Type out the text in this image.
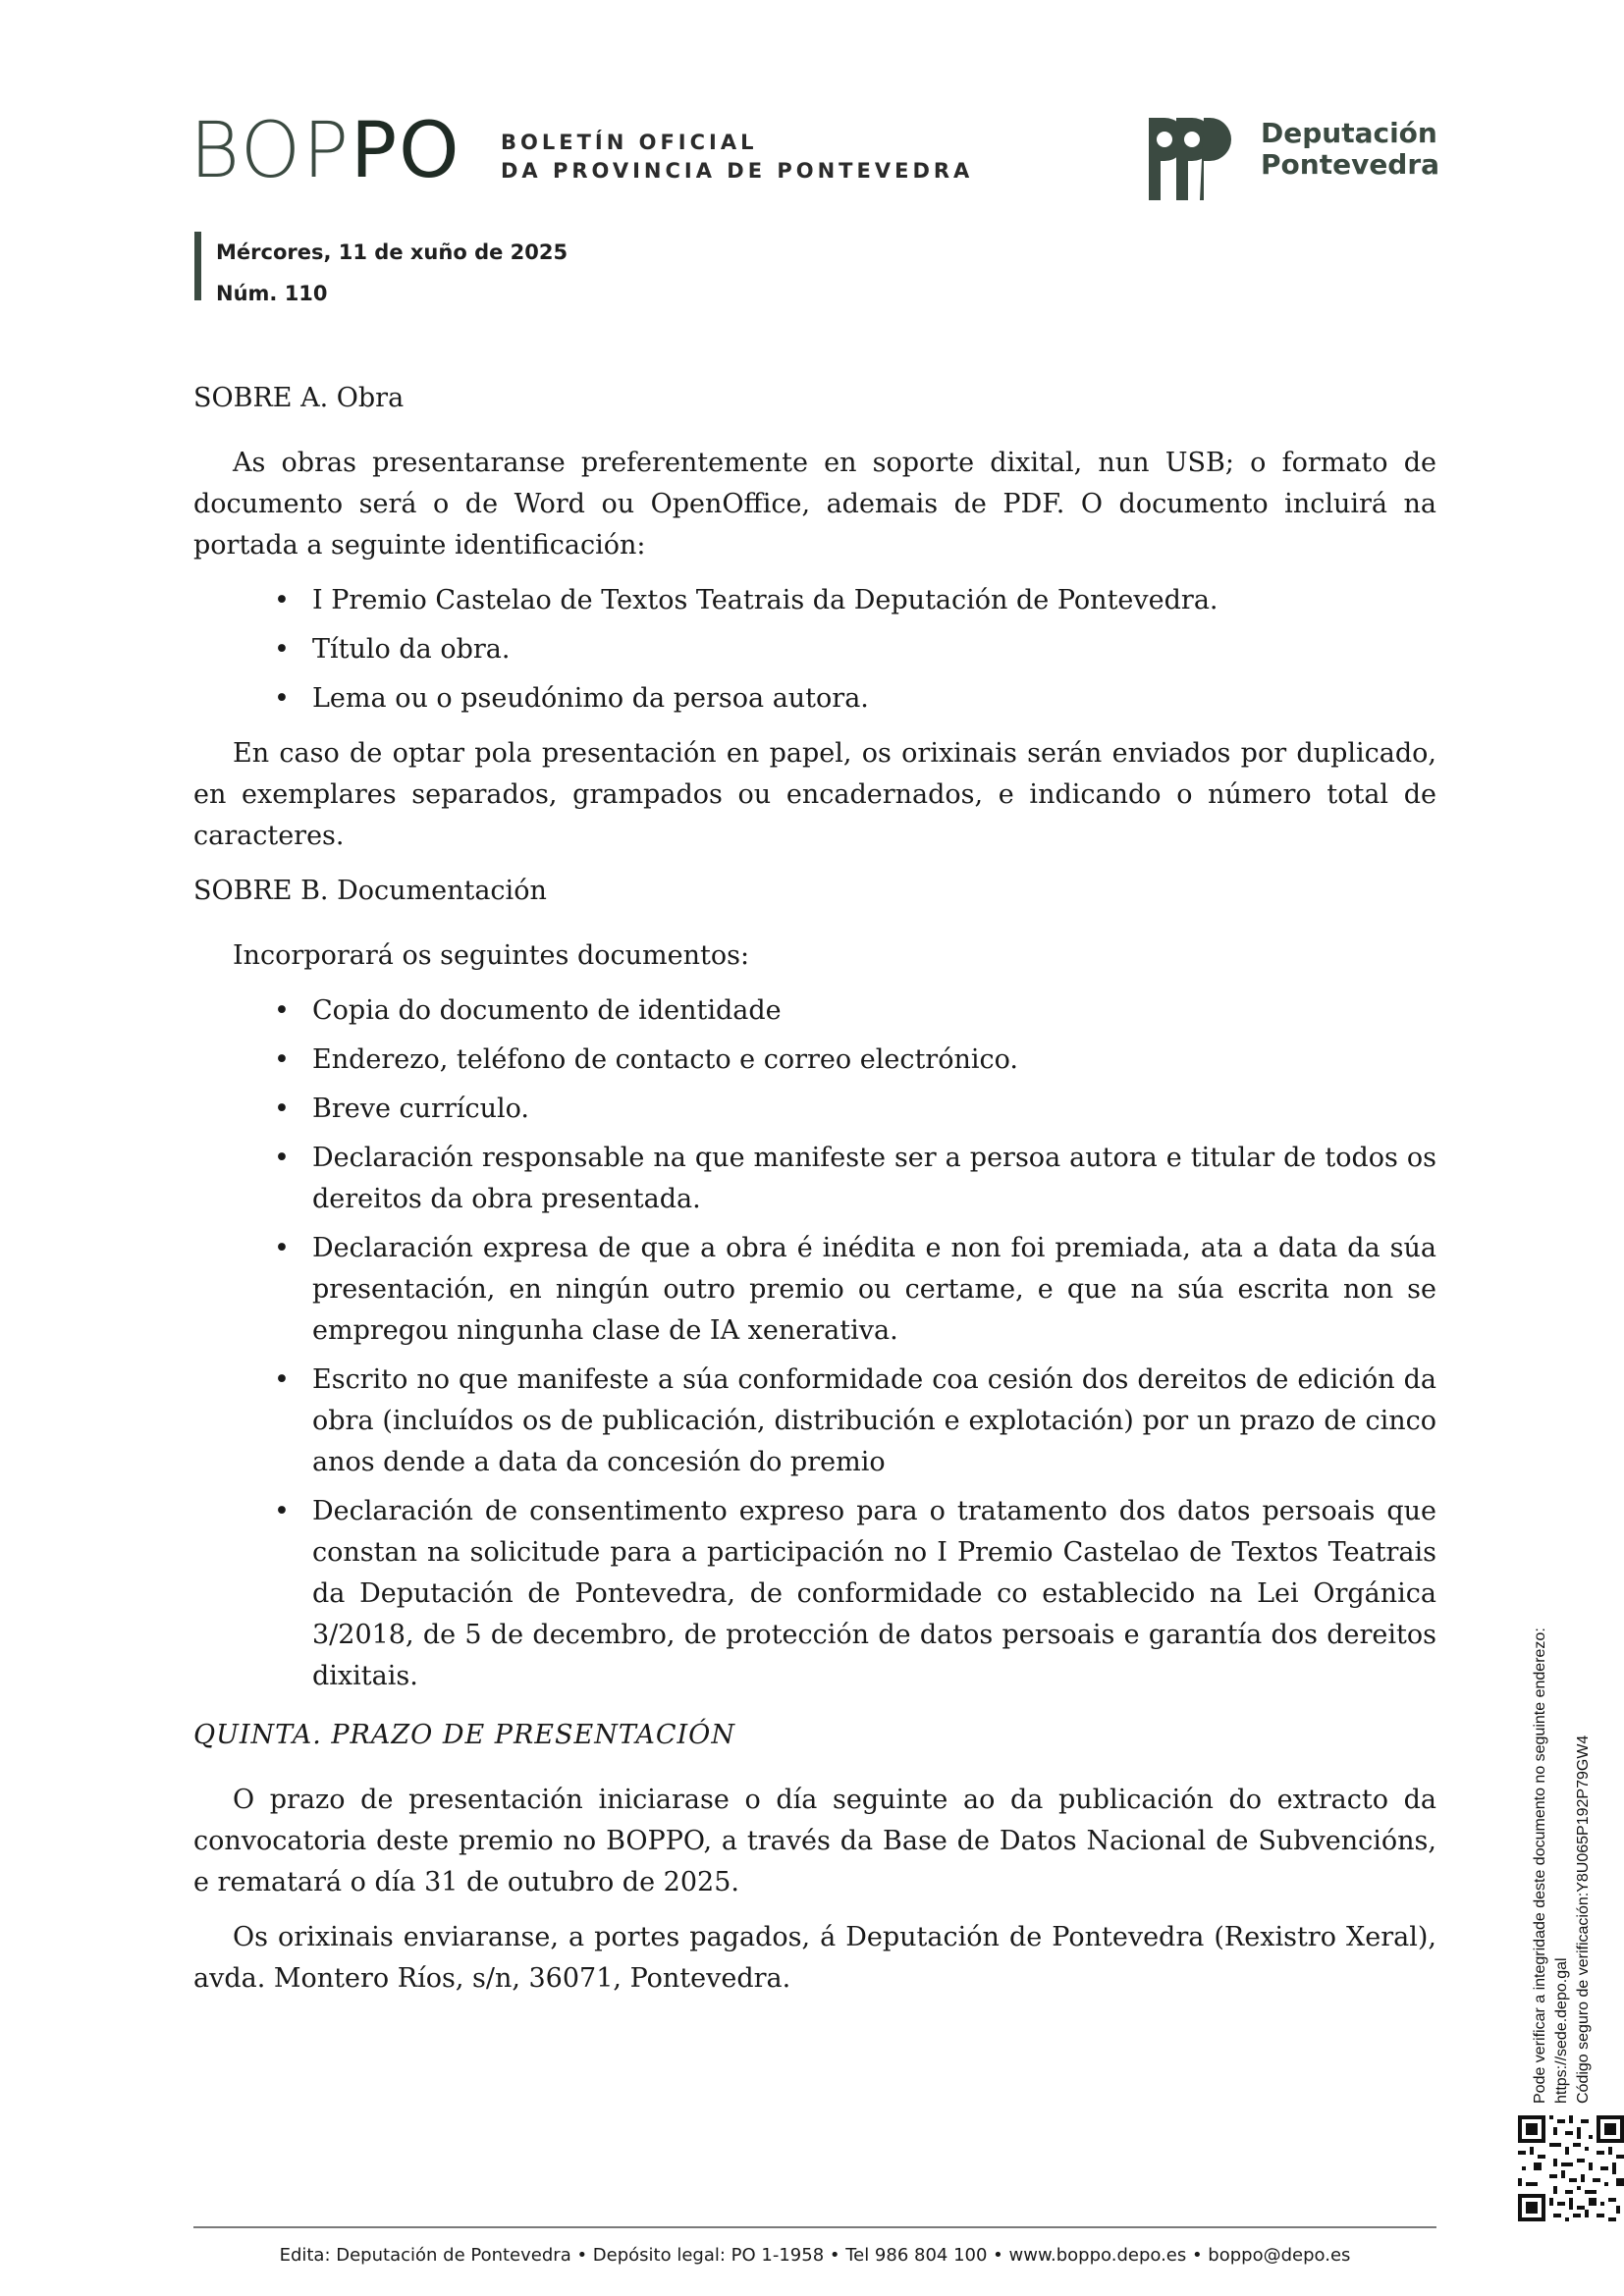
BOPPO BOLETÍN OFICIAL
DA PROVINCIA DE PONTEVEDRA
Deputación
Pontevedra
Mércores, 11 de xuño de 2025
Núm. 110

SOBRE A. Obra

As obras presentaranse preferentemente en soporte dixital, nun USB; o formato de documento será o de Word ou OpenOffice, ademais de PDF. O documento incluirá na portada a seguinte identificación:

• I Premio Castelao de Textos Teatrais da Deputación de Pontevedra.
• Título da obra.
• Lema ou o pseudónimo da persoa autora.

En caso de optar pola presentación en papel, os orixinais serán enviados por duplicado, en exemplares separados, grampados ou encadernados, e indicando o número total de caracteres.

SOBRE B. Documentación

Incorporará os seguintes documentos:

• Copia do documento de identidade
• Enderezo, teléfono de contacto e correo electrónico.
• Breve currículo.
• Declaración responsable na que manifeste ser a persoa autora e titular de todos os dereitos da obra presentada.
• Declaración expresa de que a obra é inédita e non foi premiada, ata a data da súa presentación, en ningún outro premio ou certame, e que na súa escrita non se empregou ningunha clase de IA xenerativa.
• Escrito no que manifeste a súa conformidade coa cesión dos dereitos de edición da obra (incluídos os de publicación, distribución e explotación) por un prazo de cinco anos dende a data da concesión do premio
• Declaración de consentimento expreso para o tratamento dos datos persoais que constan na solicitude para a participación no I Premio Castelao de Textos Teatrais da Deputación de Pontevedra, de conformidade co establecido na Lei Orgánica 3/2018, de 5 de decembro, de protección de datos persoais e garantía dos dereitos dixitais.

QUINTA. PRAZO DE PRESENTACIÓN

O prazo de presentación iniciarase o día seguinte ao da publicación do extracto da convocatoria deste premio no BOPPO, a través da Base de Datos Nacional de Subvencións, e rematará o día 31 de outubro de 2025.

Os orixinais enviaranse, a portes pagados, á Deputación de Pontevedra (Rexistro Xeral), avda. Montero Ríos, s/n, 36071, Pontevedra.	Pode verificar a integridade deste documento no seguinte enderezo: https://sede.depo.gal Código seguro de verificación:Y8U065P192P79GW4
Edita: Deputación de Pontevedra • Depósito legal: PO 1-1958 • Tel 986 804 100 • www.boppo.depo.es • boppo@depo.es
